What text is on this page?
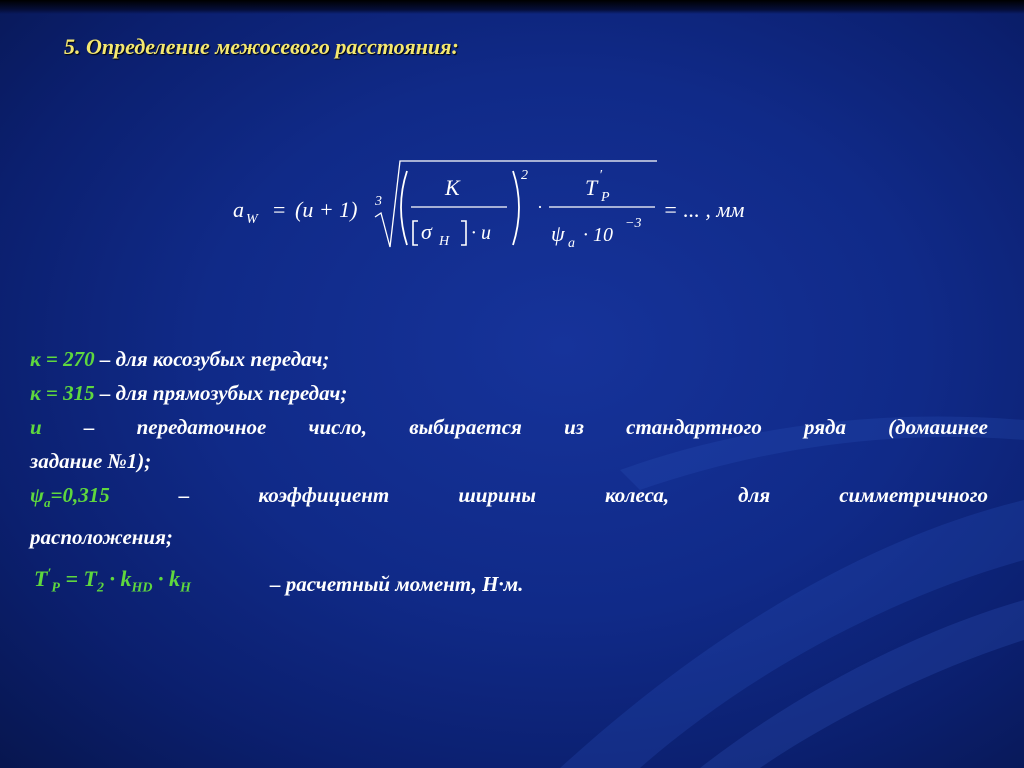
5. Определение межосевого расстояния:
a W = (u + 1) 3
K
σ H · u
2
·
T ′
P
ψ a · 10
−3
= ... , мм
к = 270 – для косозубых передач;
к = 315 – для прямозубых передач;
u – передаточное число, выбирается из стандартного ряда (домашнее
задание №1);
$\psi_a=0,315$	–	коэффициент	ширины	колеса,	для	симметричного
расположения;
$T'_P = T_2 \cdot k_{HD} \cdot k_H$	– расчетный момент, Н·м.
